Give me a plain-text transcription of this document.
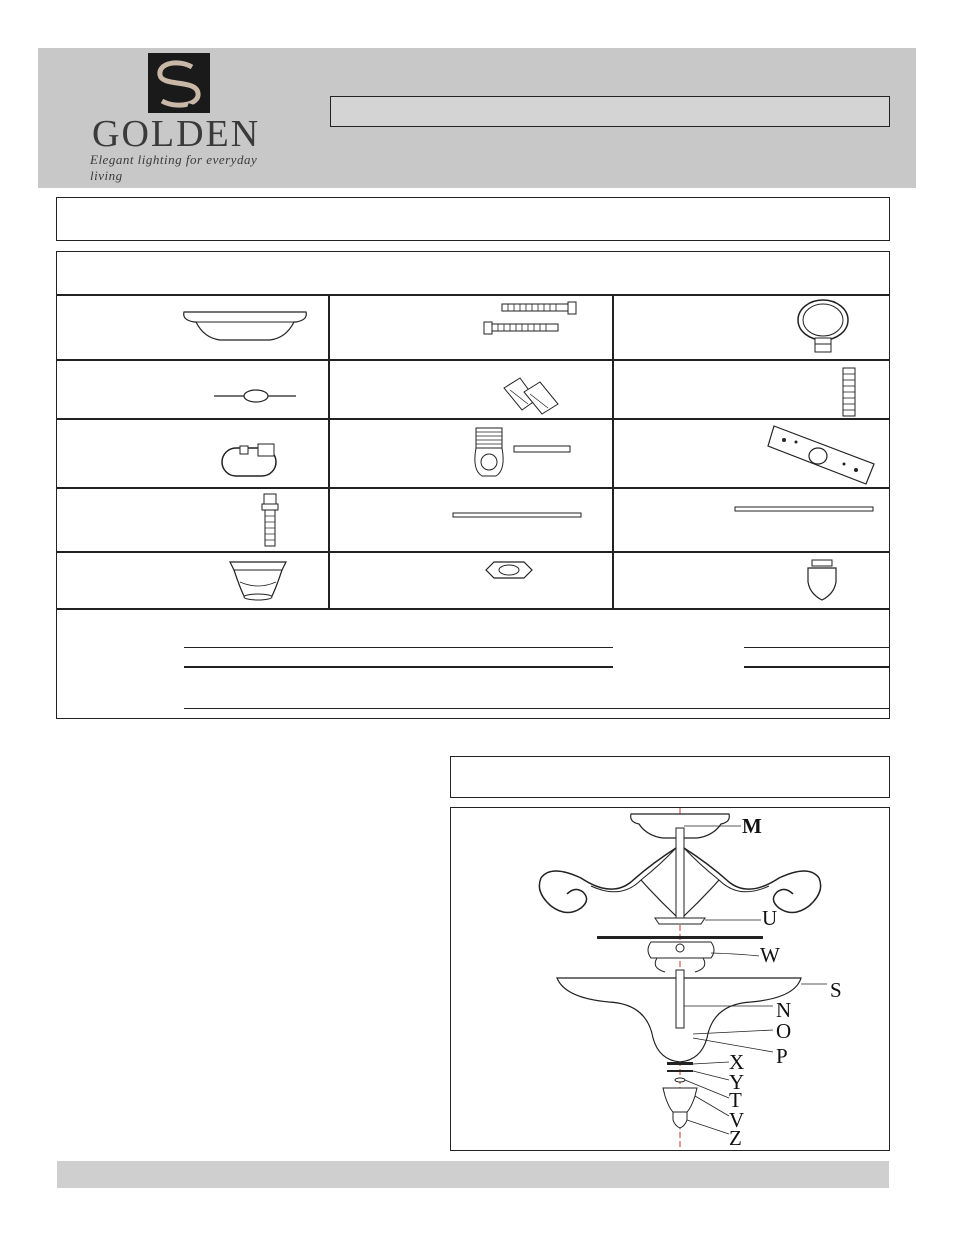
GOLDEN
Elegant lighting for everyday living
M
U
W
S
N
O
P
X
Y
T
V
Z
